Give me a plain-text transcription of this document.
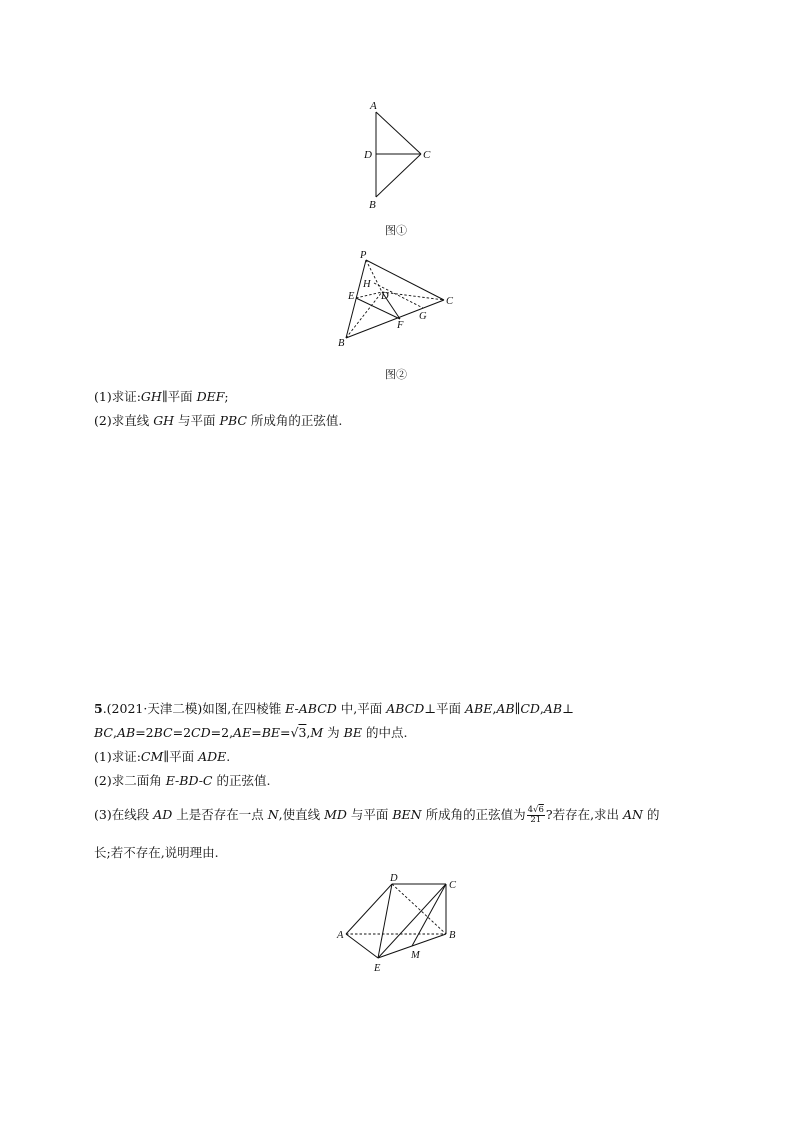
A
D	C
B
图①
P
H
D
E	C
G
F
B
图②
(1)求证:GH∥平面 DEF;
(2)求直线 GH 与平面 PBC 所成角的正弦值.
5.(2021·天津二模)如图,在四棱锥 E-ABCD 中,平面 ABCD⊥平面 ABE,AB∥CD,AB⊥
BC,AB=2BC=2CD=2,AE=BE=√3,M 为 BE 的中点.
(1)求证:CM∥平面 ADE.
(2)求二面角 E-BD-C 的正弦值.
(3)在线段 AD 上是否存在一点 N,使直线 MD 与平面 BEN 所成角的正弦值为 $\frac{4√6}{21}$ ?若存在,求出 AN 的
长;若不存在,说明理由.
D
C
A	B
E
M
